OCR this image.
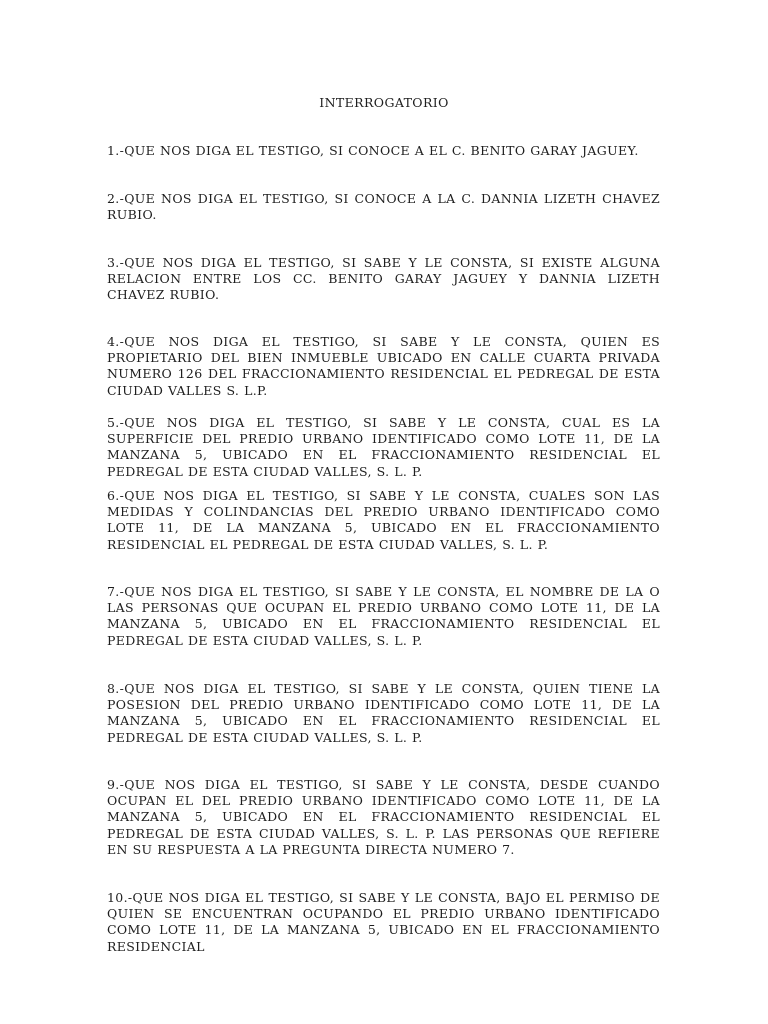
INTERROGATORIO

1.-QUE NOS DIGA EL TESTIGO, SI CONOCE A EL C. BENITO GARAY JAGUEY.

2.-QUE NOS DIGA EL TESTIGO, SI CONOCE A LA C. DANNIA LIZETH CHAVEZ RUBIO.

3.-QUE NOS DIGA EL TESTIGO, SI SABE Y LE CONSTA, SI EXISTE ALGUNA RELACION ENTRE LOS CC. BENITO GARAY JAGUEY Y DANNIA LIZETH CHAVEZ RUBIO.

4.-QUE NOS DIGA EL TESTIGO, SI SABE Y LE CONSTA, QUIEN ES PROPIETARIO DEL BIEN INMUEBLE UBICADO EN CALLE CUARTA PRIVADA NUMERO 126 DEL FRACCIONAMIENTO RESIDENCIAL EL PEDREGAL DE ESTA CIUDAD VALLES S. L.P.

5.-QUE NOS DIGA EL TESTIGO, SI SABE Y LE CONSTA, CUAL ES LA SUPERFICIE DEL PREDIO URBANO IDENTIFICADO COMO LOTE 11, DE LA MANZANA 5, UBICADO EN EL FRACCIONAMIENTO RESIDENCIAL EL PEDREGAL DE ESTA CIUDAD VALLES, S. L. P.

6.-QUE NOS DIGA EL TESTIGO, SI SABE Y LE CONSTA, CUALES SON LAS MEDIDAS Y COLINDANCIAS DEL PREDIO URBANO IDENTIFICADO COMO LOTE 11, DE LA MANZANA 5, UBICADO EN EL FRACCIONAMIENTO RESIDENCIAL EL PEDREGAL DE ESTA CIUDAD VALLES, S. L. P.

7.-QUE NOS DIGA EL TESTIGO, SI SABE Y LE CONSTA, EL NOMBRE DE LA O LAS PERSONAS QUE OCUPAN EL PREDIO URBANO COMO LOTE 11, DE LA MANZANA 5, UBICADO EN EL FRACCIONAMIENTO RESIDENCIAL EL PEDREGAL DE ESTA CIUDAD VALLES, S. L. P.

8.-QUE NOS DIGA EL TESTIGO, SI SABE Y LE CONSTA, QUIEN TIENE LA POSESION DEL PREDIO URBANO IDENTIFICADO COMO LOTE 11, DE LA MANZANA 5, UBICADO EN EL FRACCIONAMIENTO RESIDENCIAL EL PEDREGAL DE ESTA CIUDAD VALLES, S. L. P.

9.-QUE NOS DIGA EL TESTIGO, SI SABE Y LE CONSTA, DESDE CUANDO OCUPAN EL DEL PREDIO URBANO IDENTIFICADO COMO LOTE 11, DE LA MANZANA 5, UBICADO EN EL FRACCIONAMIENTO RESIDENCIAL EL PEDREGAL DE ESTA CIUDAD VALLES, S. L. P. LAS PERSONAS QUE REFIERE EN SU RESPUESTA A LA PREGUNTA DIRECTA NUMERO 7.

10.-QUE NOS DIGA EL TESTIGO, SI SABE Y LE CONSTA, BAJO EL PERMISO DE QUIEN SE ENCUENTRAN OCUPANDO EL PREDIO URBANO IDENTIFICADO COMO LOTE 11, DE LA MANZANA 5, UBICADO EN EL FRACCIONAMIENTO RESIDENCIAL
